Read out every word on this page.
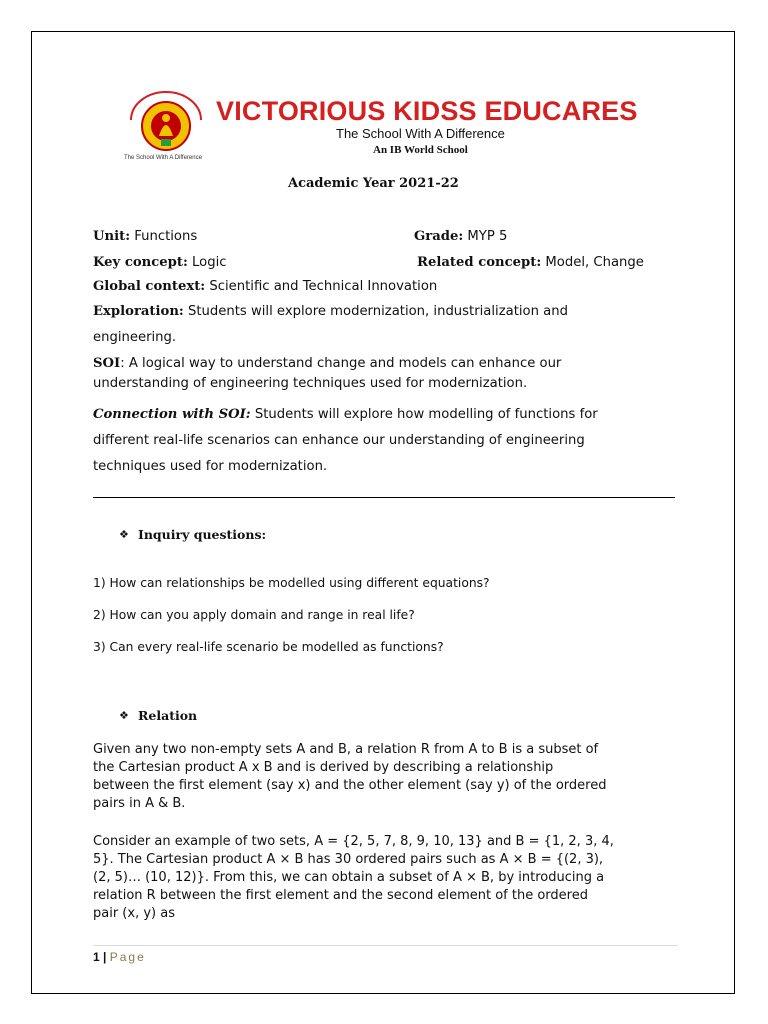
The School With A Difference
VICTORIOUS KIDSS EDUCARES
The School With A Difference
An IB World School
Academic Year 2021-22
Unit: Functions	Grade: MYP 5
Key concept: Logic	Related concept: Model, Change
Global context: Scientific and Technical Innovation
Exploration: Students will explore modernization, industrialization and
engineering.
SOI: A logical way to understand change and models can enhance our
understanding of engineering techniques used for modernization.
Connection with SOI: Students will explore how modelling of functions for
different real-life scenarios can enhance our understanding of engineering
techniques used for modernization.
❖ Inquiry questions:
1) How can relationships be modelled using different equations?
2) How can you apply domain and range in real life?
3) Can every real-life scenario be modelled as functions?
❖ Relation
Given any two non-empty sets A and B, a relation R from A to B is a subset of
the Cartesian product A x B and is derived by describing a relationship
between the first element (say x) and the other element (say y) of the ordered
pairs in A & B.
Consider an example of two sets, A = {2, 5, 7, 8, 9, 10, 13} and B = {1, 2, 3, 4,
5}. The Cartesian product A × B has 30 ordered pairs such as A × B = {(2, 3),
(2, 5)… (10, 12)}. From this, we can obtain a subset of A × B, by introducing a
relation R between the first element and the second element of the ordered
pair (x, y) as
1 | Page
